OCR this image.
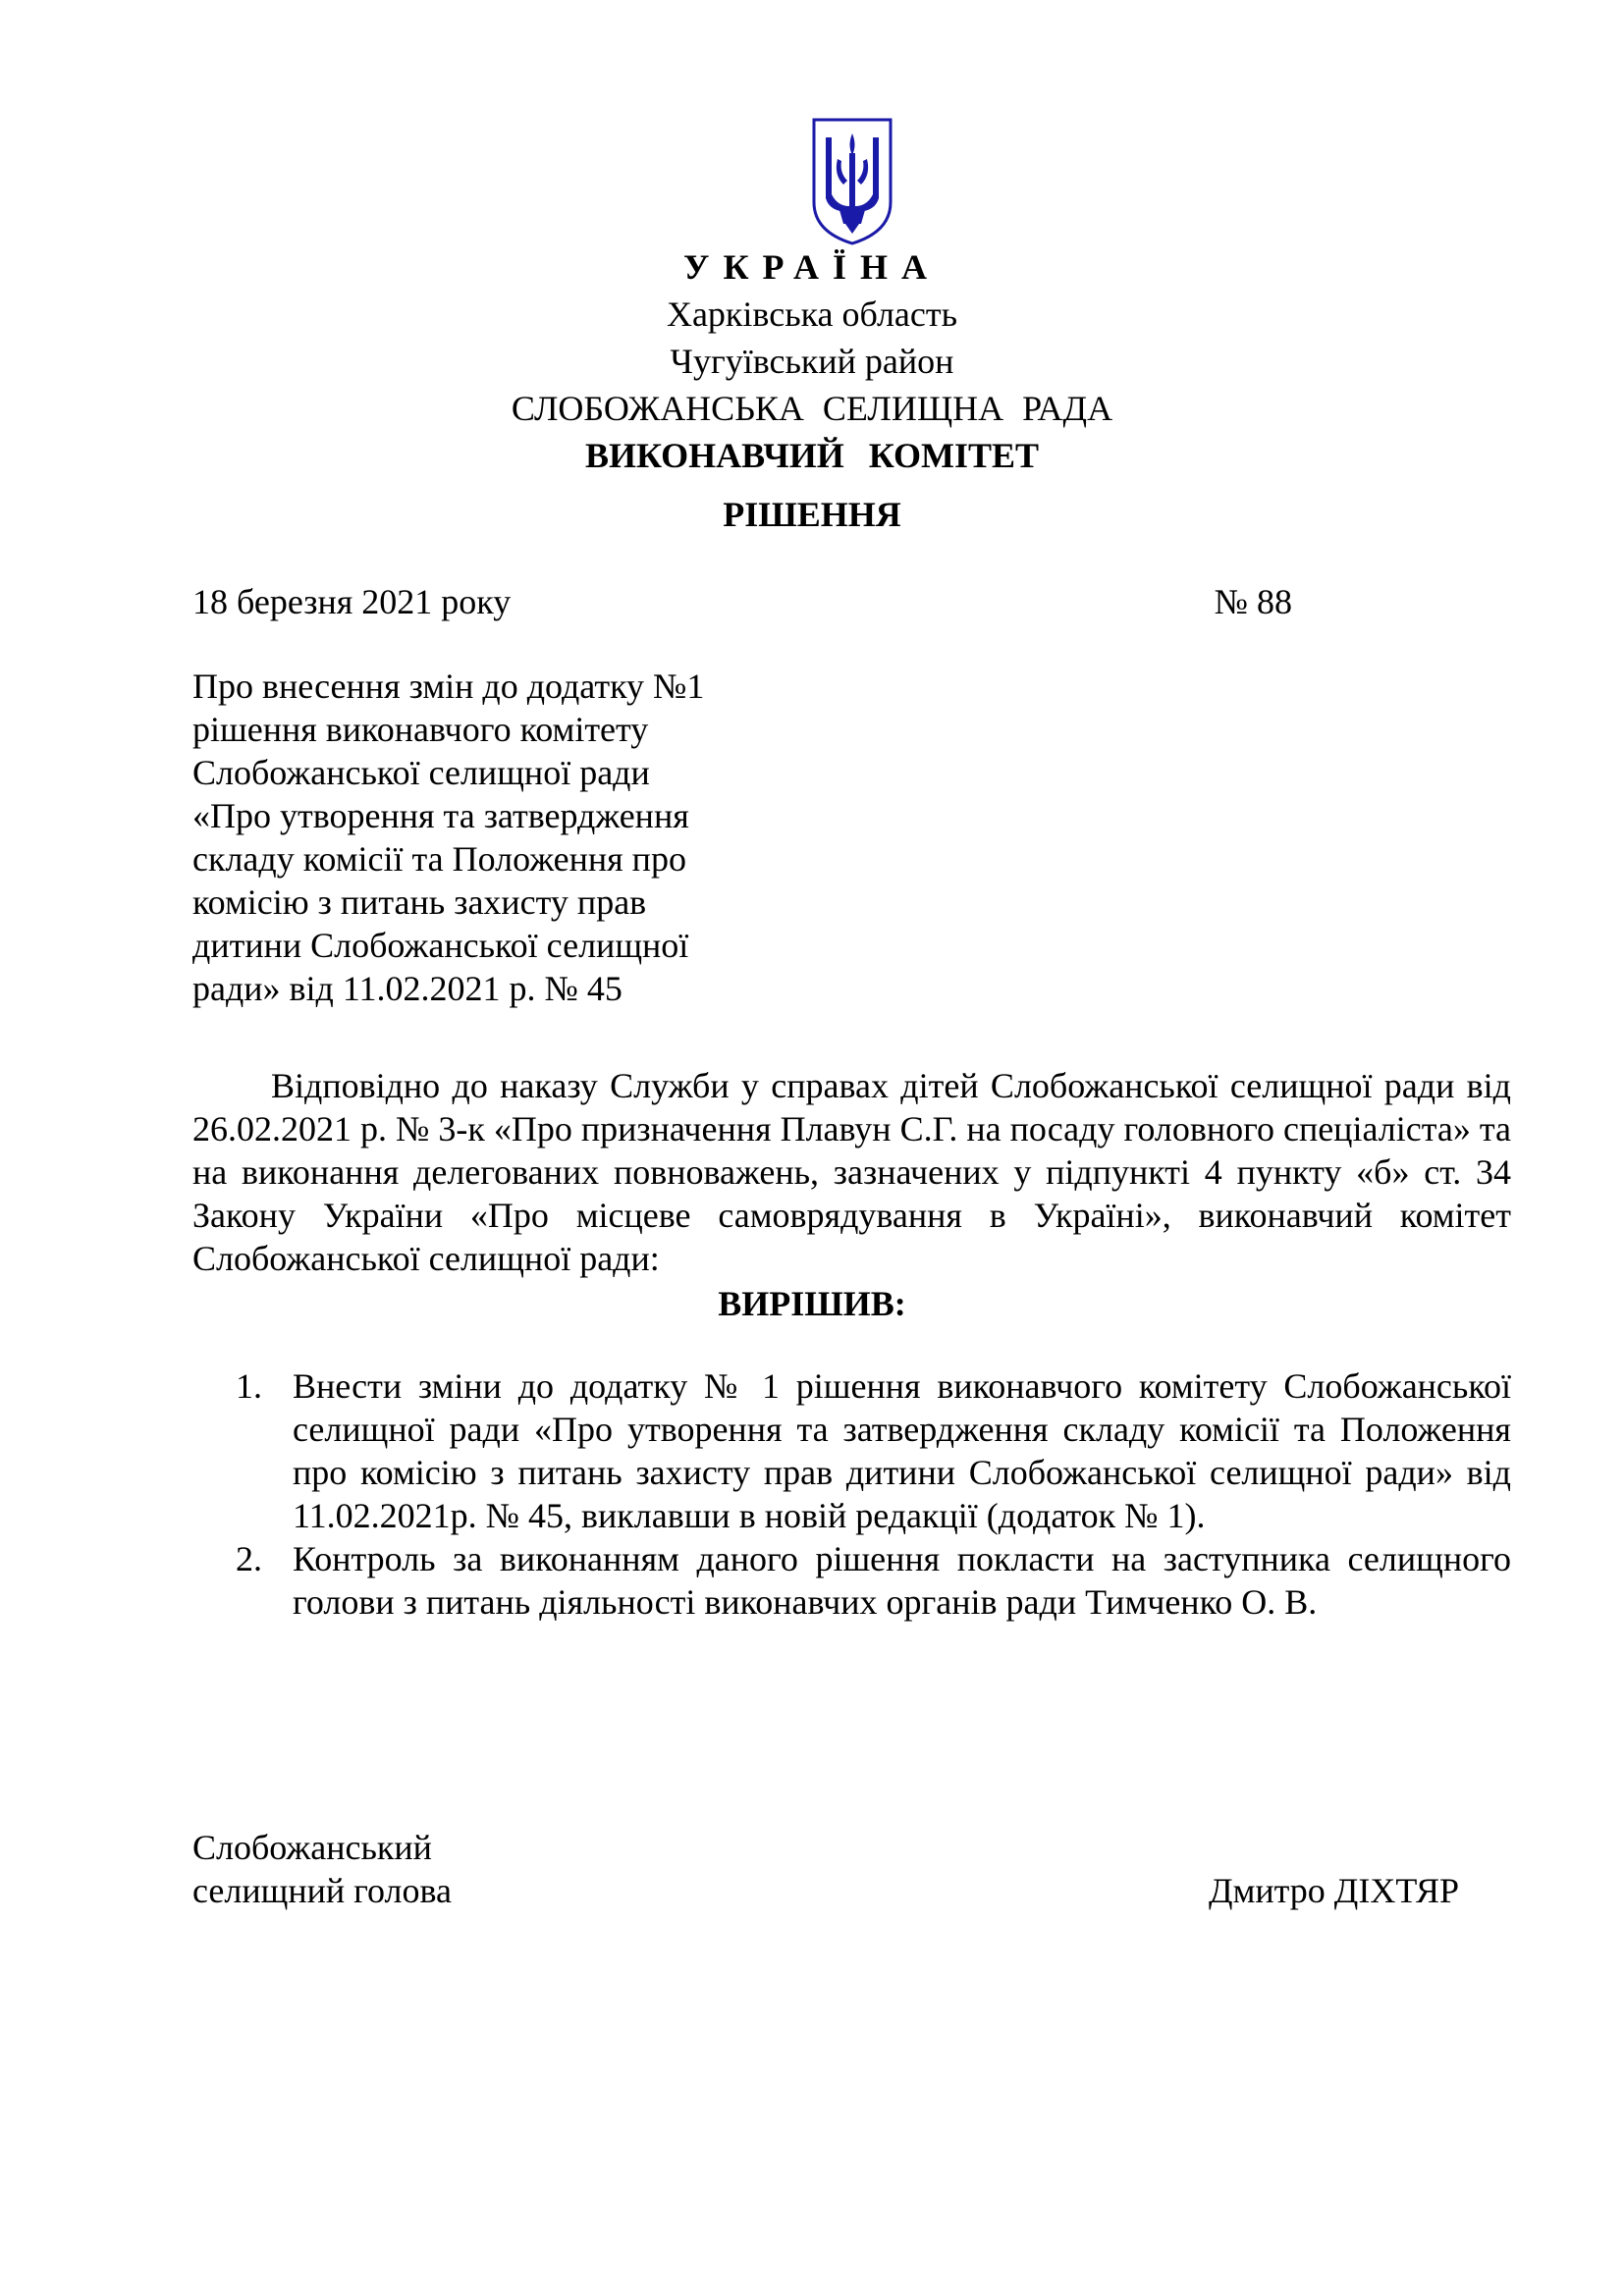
УКРАЇНА
Харківська область
Чугуївський район
СЛОБОЖАНСЬКА СЕЛИЩНА РАДА
ВИКОНАВЧИЙ КОМІТЕТ
РІШЕННЯ
18 березня 2021 року	№ 88
Про внесення змін до додатку №1
рішення виконавчого комітету
Слобожанської селищної ради
«Про утворення та затвердження
складу комісії та Положення про
комісію з питань захисту прав
дитини Слобожанської селищної
ради» від 11.02.2021 р. № 45
Відповідно до наказу Служби у справах дітей Слобожанської селищної ради від 26.02.2021 р. № 3-к «Про призначення Плавун С.Г. на посаду головного спеціаліста» та на виконання делегованих повноважень, зазначених у підпункті 4 пункту «б» ст. 34 Закону України «Про місцеве самоврядування в Україні», виконавчий комітет Слобожанської селищної ради:
ВИРІШИВ:
1. Внести зміни до додатку № 1 рішення виконавчого комітету Слобожанської селищної ради «Про утворення та затвердження складу комісії та Положення про комісію з питань захисту прав дитини Слобожанської селищної ради» від 11.02.2021р. № 45, виклавши в новій редакції (додаток № 1).
2. Контроль за виконанням даного рішення покласти на заступника селищного голови з питань діяльності виконавчих органів ради Тимченко О. В.
Слобожанський
селищний голова	Дмитро ДІХТЯР
